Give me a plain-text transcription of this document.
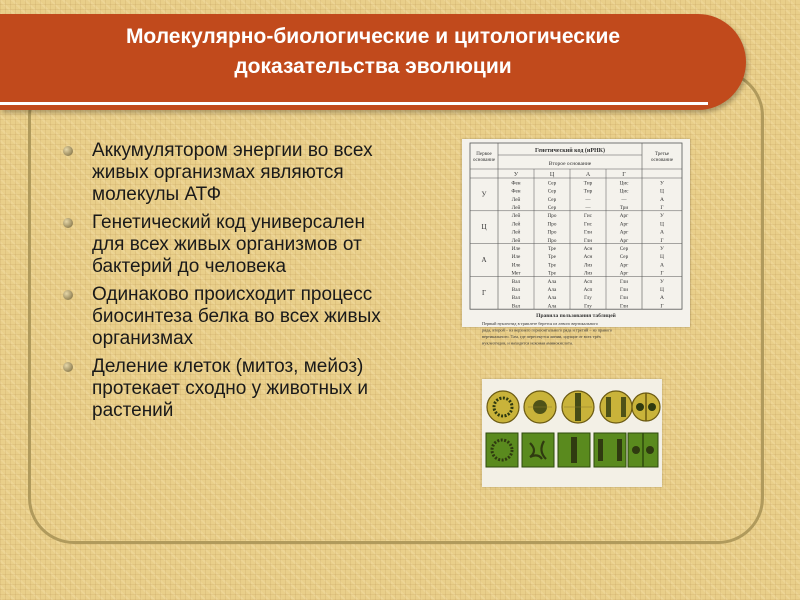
Молекулярно-биологические и цитологические
доказательства эволюции
Аккумулятором энергии во всех живых организмах являются молекулы АТФ
Генетический код универсален для всех живых организмов от бактерий до человека
Одинаково происходит процесс биосинтеза белка во всех живых организмах
Деление клеток (митоз, мейоз) протекает сходно у животных и растений
Генетический код (иРНК)
Первое
основание
Второе основание
Третье
основание
У	Ц	А	Г
У
Фен	Сер	Тир	Цис	У
Фен	Сер	Тир	Цис	Ц
Лей	Сер	—	—	А
Лей	Сер	—	Три	Г
Ц
Лей	Про	Гис	Арг	У
Лей	Про	Гис	Арг	Ц
Лей	Про	Глн	Арг	А
Лей	Про	Глн	Арг	Г
А
Иле	Тре	Асн	Сер	У
Иле	Тре	Асн	Сер	Ц
Иле	Тре	Лиз	Арг	А
Мет	Тре	Лиз	Арг	Г
Г
Вал	Ала	Асп	Гли	У
Вал	Ала	Асп	Гли	Ц
Вал	Ала	Глу	Гли	А
Вал	Ала	Глу	Гли	Г
Правила пользования таблицей
Первый нуклеотид в триплете берется из левого вертикального
ряда, второй – из верхнего горизонтального ряда и третий – из правого
вертикального. Там, где пересекутся линии, идущие от всех трёх
нуклеотидов, и находится искомая аминокислота.
